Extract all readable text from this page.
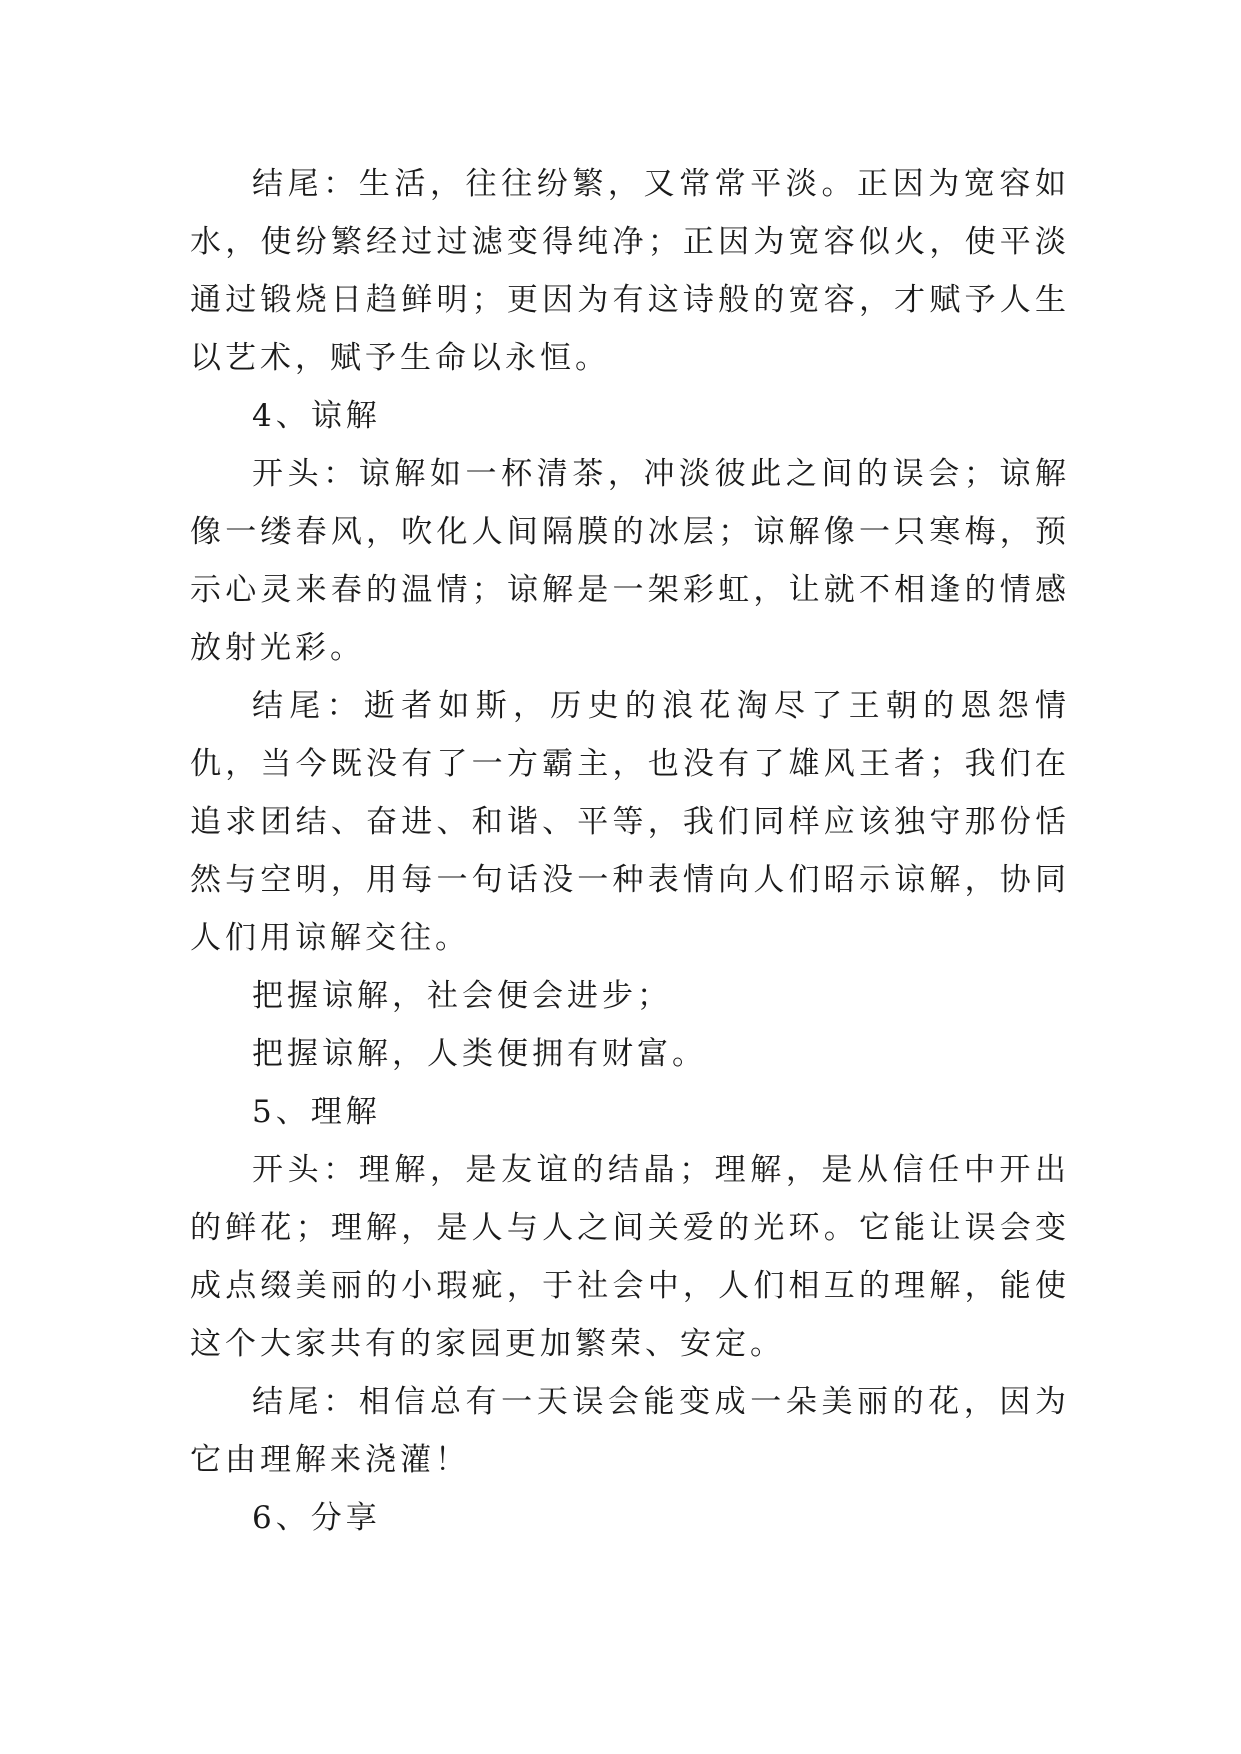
结尾：生活，往往纷繁，又常常平淡。正因为宽容如水，使纷繁经过过滤变得纯净；正因为宽容似火，使平淡通过锻烧日趋鲜明；更因为有这诗般的宽容，才赋予人生以艺术，赋予生命以永恒。

4、谅解

开头：谅解如一杯清茶，冲淡彼此之间的误会；谅解像一缕春风，吹化人间隔膜的冰层；谅解像一只寒梅，预示心灵来春的温情；谅解是一架彩虹，让就不相逢的情感放射光彩。

结尾：逝者如斯，历史的浪花淘尽了王朝的恩怨情仇，当今既没有了一方霸主，也没有了雄风王者；我们在追求团结、奋进、和谐、平等，我们同样应该独守那份恬然与空明，用每一句话没一种表情向人们昭示谅解，协同人们用谅解交往。

把握谅解，社会便会进步；

把握谅解，人类便拥有财富。

5、理解

开头：理解，是友谊的结晶；理解，是从信任中开出的鲜花；理解，是人与人之间关爱的光环。它能让误会变成点缀美丽的小瑕疵，于社会中，人们相互的理解，能使这个大家共有的家园更加繁荣、安定。

结尾：相信总有一天误会能变成一朵美丽的花，因为它由理解来浇灌！

6、分享
